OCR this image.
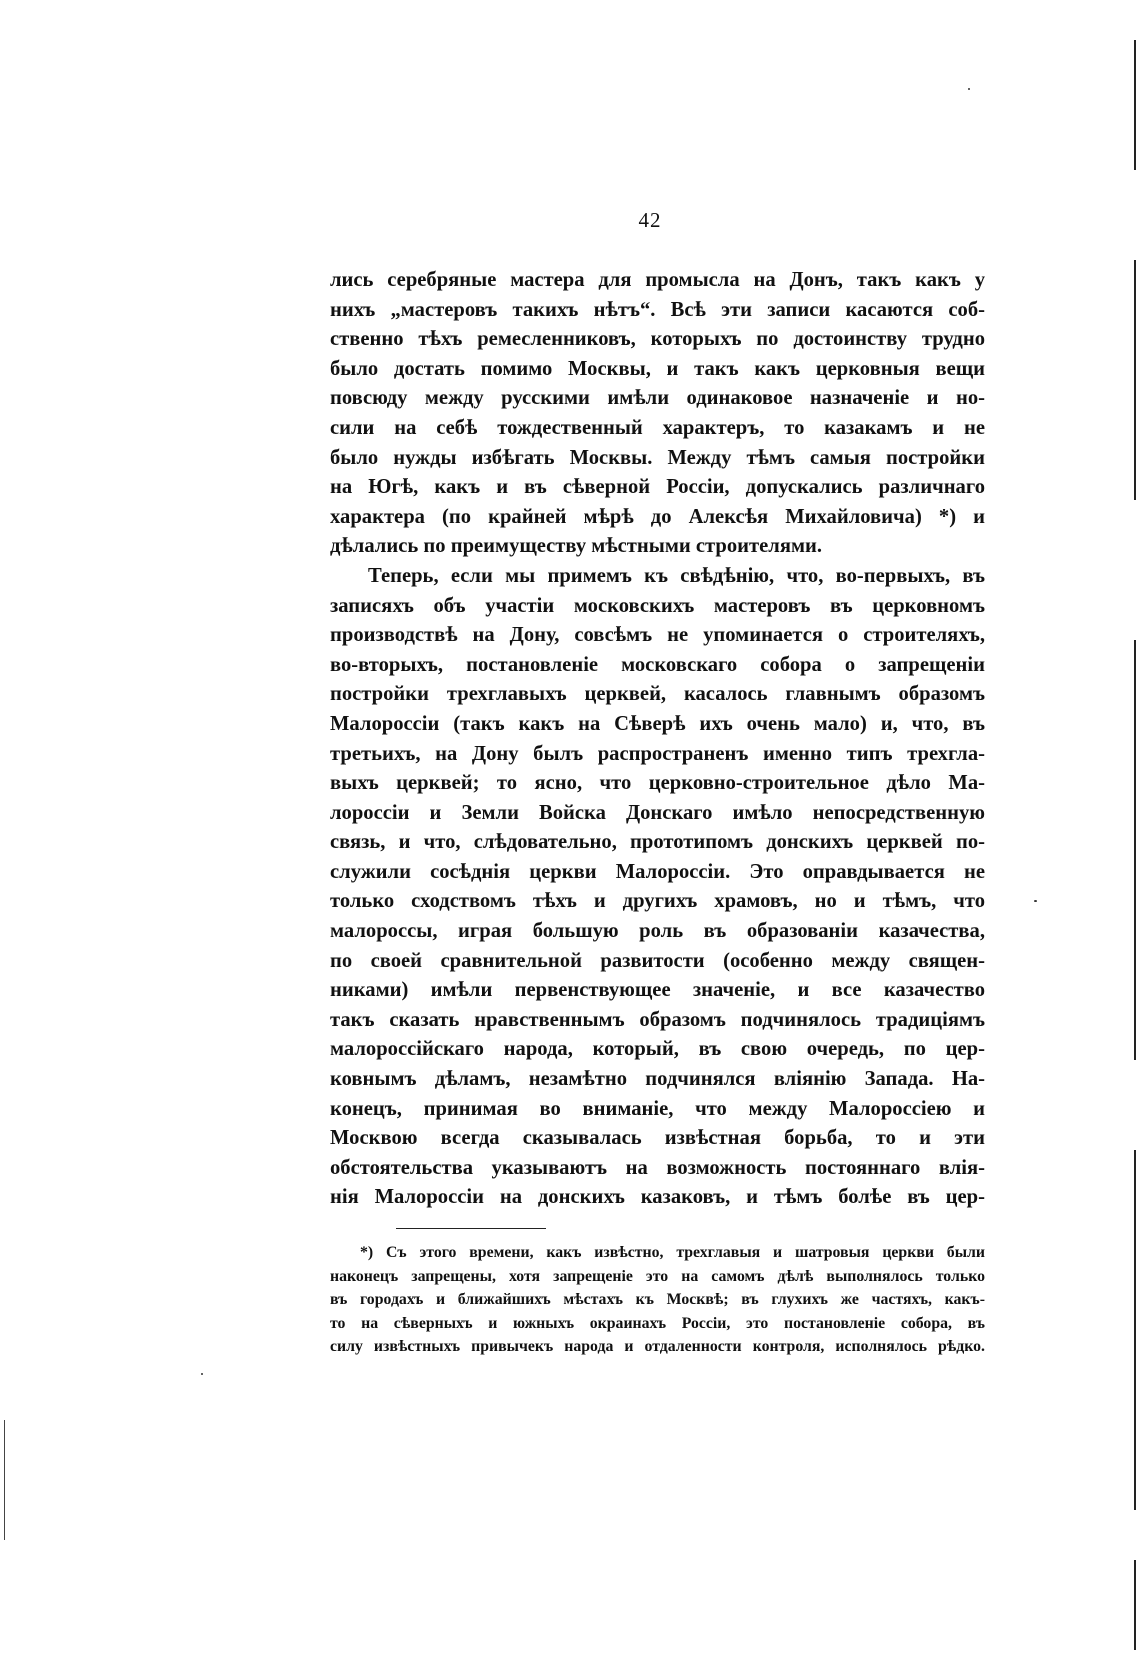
42
лись серебряные мастера для промысла на Донъ, такъ какъ у
нихъ „мастеровъ такихъ нѣтъ“. Всѣ эти записи касаются соб-
ственно тѣхъ ремесленниковъ, которыхъ по достоинству трудно
было достать помимо Москвы, и такъ какъ церковныя вещи
повсюду между русскими имѣли одинаковое назначеніе и но-
сили на себѣ тождественный характеръ, то казакамъ и не
было нужды избѣгать Москвы. Между тѣмъ самыя постройки
на Югѣ, какъ и въ сѣверной Россіи, допускались различнаго
характера (по крайней мѣрѣ до Алексѣя Михайловича) *) и
дѣлались по преимуществу мѣстными строителями.
Теперь, если мы примемъ къ свѣдѣнію, что, во-первыхъ, въ
записяхъ объ участіи московскихъ мастеровъ въ церковномъ
производствѣ на Дону, совсѣмъ не упоминается о строителяхъ,
во-вторыхъ, постановленіе московскаго собора о запрещеніи
постройки трехглавыхъ церквей, касалось главнымъ образомъ
Малороссіи (такъ какъ на Сѣверѣ ихъ очень мало) и, что, въ
третьихъ, на Дону былъ распространенъ именно типъ трехгла-
выхъ церквей; то ясно, что церковно-строительное дѣло Ма-
лороссіи и Земли Войска Донскаго имѣло непосредственную
связь, и что, слѣдовательно, прототипомъ донскихъ церквей по-
служили сосѣднія церкви Малороссіи. Это оправдывается не
только сходствомъ тѣхъ и другихъ храмовъ, но и тѣмъ, что
малороссы, играя большую роль въ образованіи казачества,
по своей сравнительной развитости (особенно между священ-
никами) имѣли первенствующее значеніе, и все казачество
такъ сказать нравственнымъ образомъ подчинялось традиціямъ
малороссійскаго народа, который, въ свою очередь, по цер-
ковнымъ дѣламъ, незамѣтно подчинялся вліянію Запада. На-
конецъ, принимая во вниманіе, что между Малороссіею и
Москвою всегда сказывалась извѣстная борьба, то и эти
обстоятельства указываютъ на возможность постояннаго влія-
нія Малороссіи на донскихъ казаковъ, и тѣмъ болѣе въ цер-
*) Съ этого времени, какъ извѣстно, трехглавыя и шатровыя церкви были
наконецъ запрещены, хотя запрещеніе это на самомъ дѣлѣ выполнялось только
въ городахъ и ближайшихъ мѣстахъ къ Москвѣ; въ глухихъ же частяхъ, какъ-
то на сѣверныхъ и южныхъ окраинахъ Россіи, это постановленіе собора, въ
силу извѣстныхъ привычекъ народа и отдаленности контроля, исполнялось рѣдко.
